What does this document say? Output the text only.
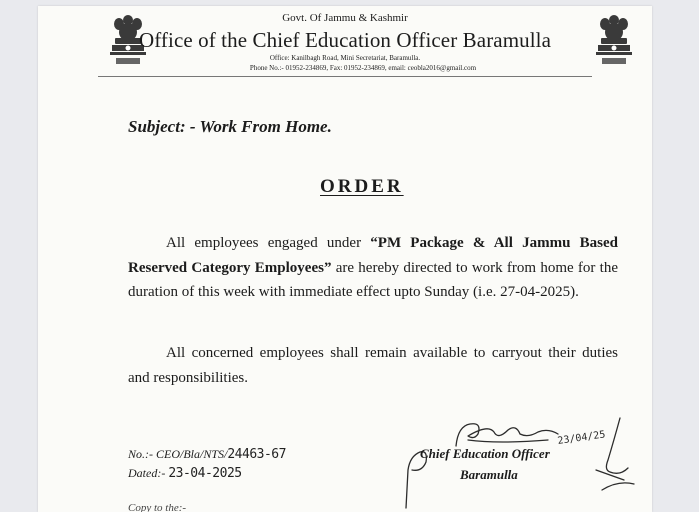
Govt. Of Jammu & Kashmir
Office of the Chief Education Officer Baramulla
Office: Kanilbagh Road, Mini Secretariat, Baramulla.
Phone No.:- 01952-234869, Fax: 01952-234869, email: ceobla2016@gmail.com
Subject: - Work From Home.
ORDER
All employees engaged under “PM Package & All Jammu Based Reserved Category Employees” are hereby directed to work from home for the duration of this week with immediate effect upto Sunday (i.e. 27-04-2025).
All concerned employees shall remain available to carryout their duties and responsibilities.
No.:- CEO/Bla/NTS/24463-67
Dated:- 23-04-2025
23/04/25
Chief Education Officer
Baramulla
Copy to the:-
